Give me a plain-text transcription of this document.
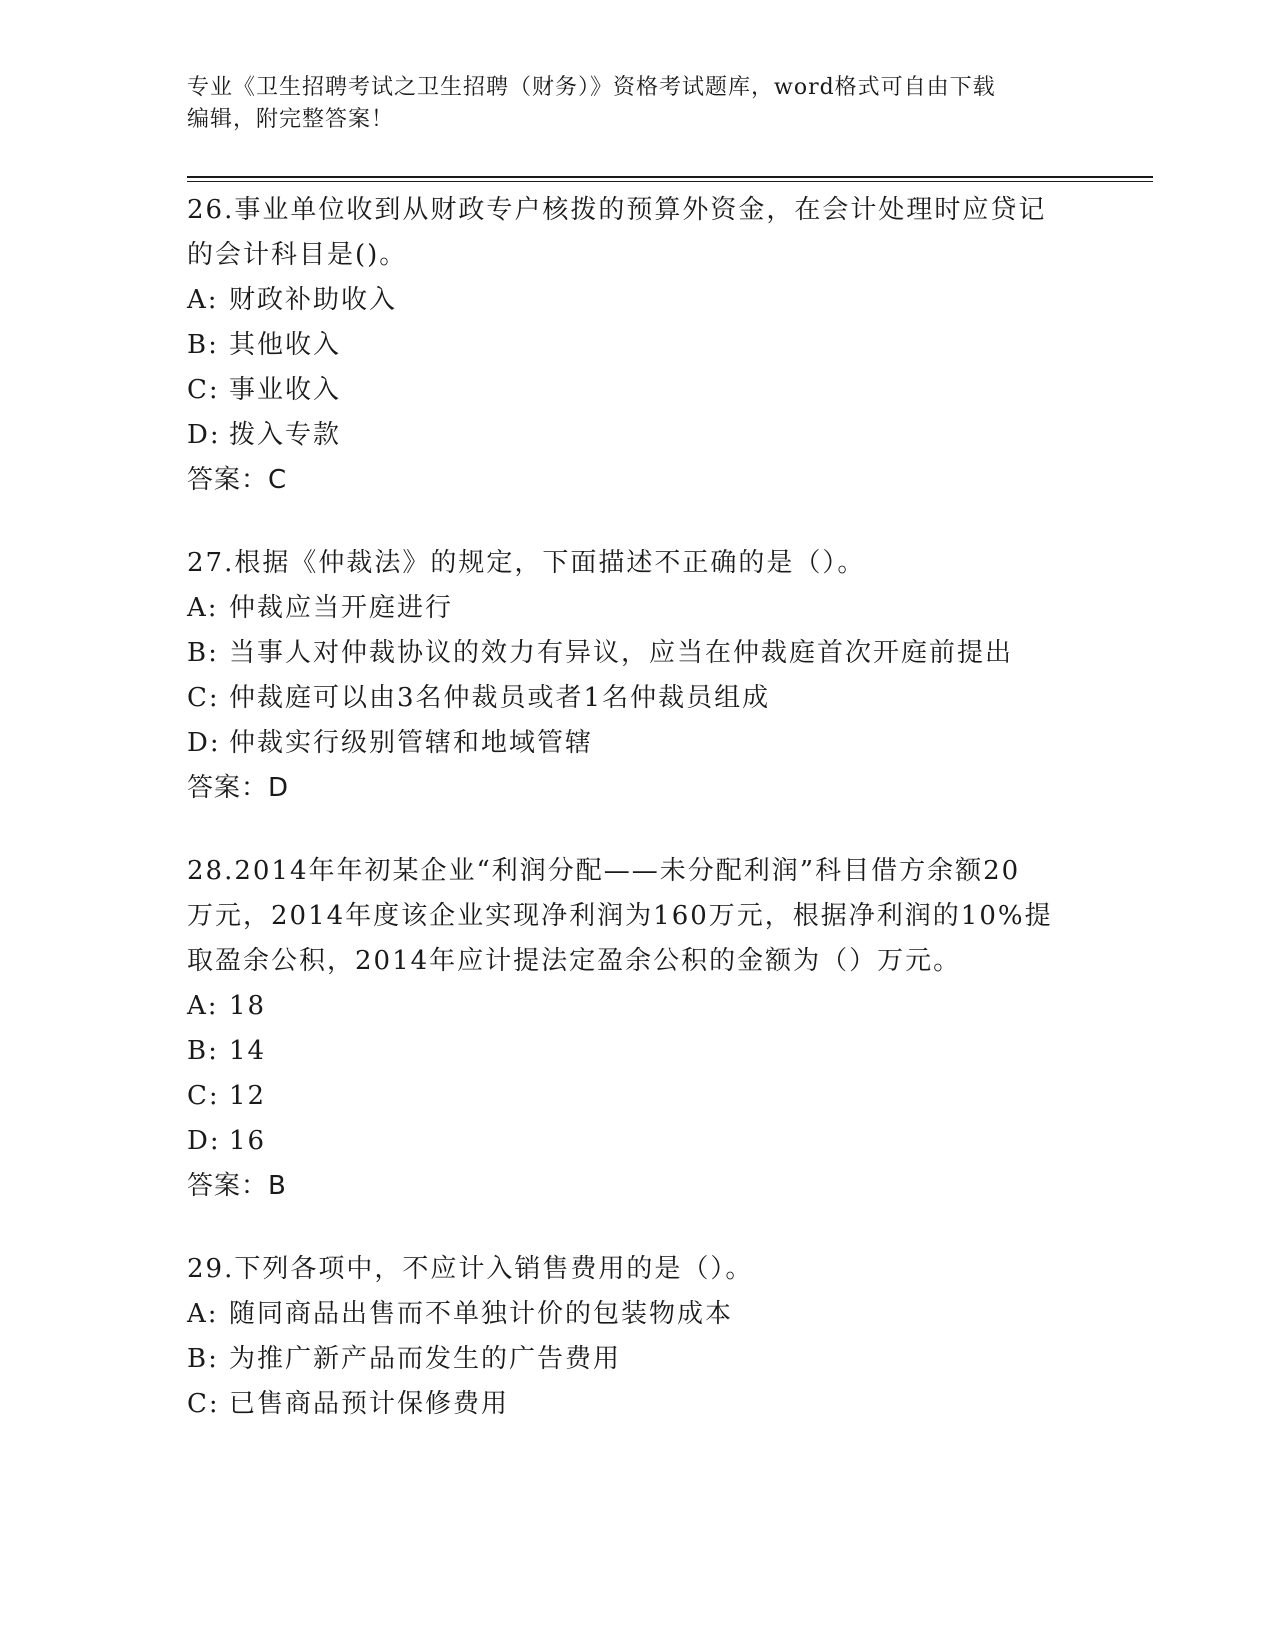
专业《卫生招聘考试之卫生招聘（财务）》资格考试题库，word格式可自由下载
编辑，附完整答案！
26.事业单位收到从财政专户核拨的预算外资金，在会计处理时应贷记
的会计科目是()。
A: 财政补助收入
B: 其他收入
C: 事业收入
D: 拨入专款
答案：C
27.根据《仲裁法》的规定，下面描述不正确的是（）。
A: 仲裁应当开庭进行
B: 当事人对仲裁协议的效力有异议，应当在仲裁庭首次开庭前提出
C: 仲裁庭可以由3名仲裁员或者1名仲裁员组成
D: 仲裁实行级别管辖和地域管辖
答案：D
28.2014年年初某企业“利润分配——未分配利润”科目借方余额20
万元，2014年度该企业实现净利润为160万元，根据净利润的10%提
取盈余公积，2014年应计提法定盈余公积的金额为（）万元。
A: 18
B: 14
C: 12
D: 16
答案：B
29.下列各项中，不应计入销售费用的是（）。
A: 随同商品出售而不单独计价的包装物成本
B: 为推广新产品而发生的广告费用
C: 已售商品预计保修费用
